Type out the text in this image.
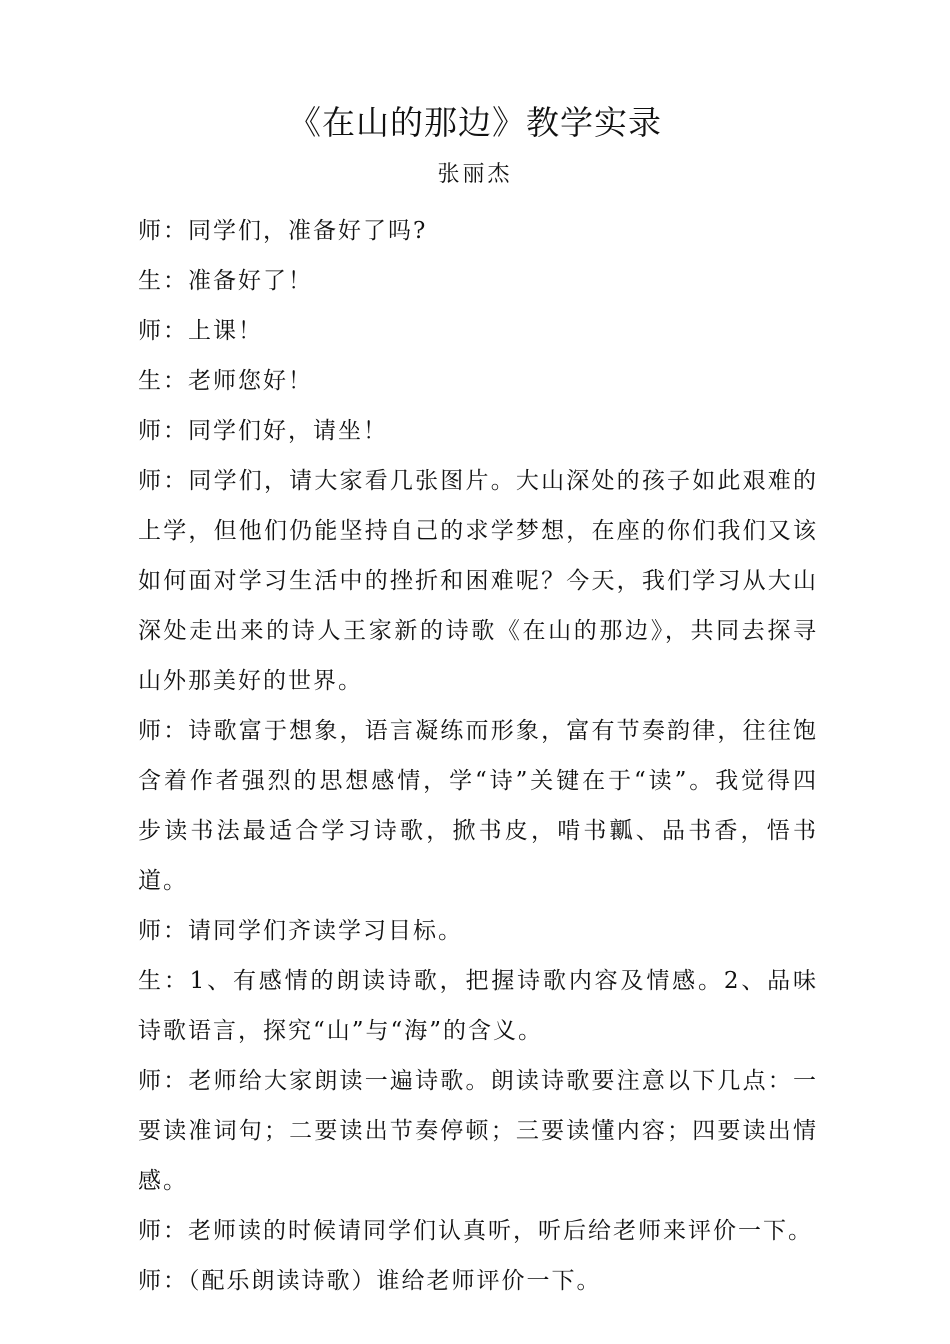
《在山的那边》教学实录
张丽杰

师：同学们，准备好了吗?

生：准备好了！

师：上课！

生：老师您好！

师：同学们好，请坐！

师：同学们，请大家看几张图片。大山深处的孩子如此艰难的上学，但他们仍能坚持自己的求学梦想，在座的你们我们又该如何面对学习生活中的挫折和困难呢？今天，我们学习从大山深处走出来的诗人王家新的诗歌《在山的那边》，共同去探寻山外那美好的世界。

师：诗歌富于想象，语言凝练而形象，富有节奏韵律，往往饱含着作者强烈的思想感情，学“诗”关键在于“读”。我觉得四步读书法最适合学习诗歌，掀书皮，啃书瓤、品书香，悟书道。

师：请同学们齐读学习目标。

生：1、有感情的朗读诗歌，把握诗歌内容及情感。2、品味诗歌语言，探究“山”与“海”的含义。

师：老师给大家朗读一遍诗歌。朗读诗歌要注意以下几点：一要读准词句；二要读出节奏停顿；三要读懂内容；四要读出情感。

师：老师读的时候请同学们认真听，听后给老师来评价一下。

师：（配乐朗读诗歌）谁给老师评价一下。
